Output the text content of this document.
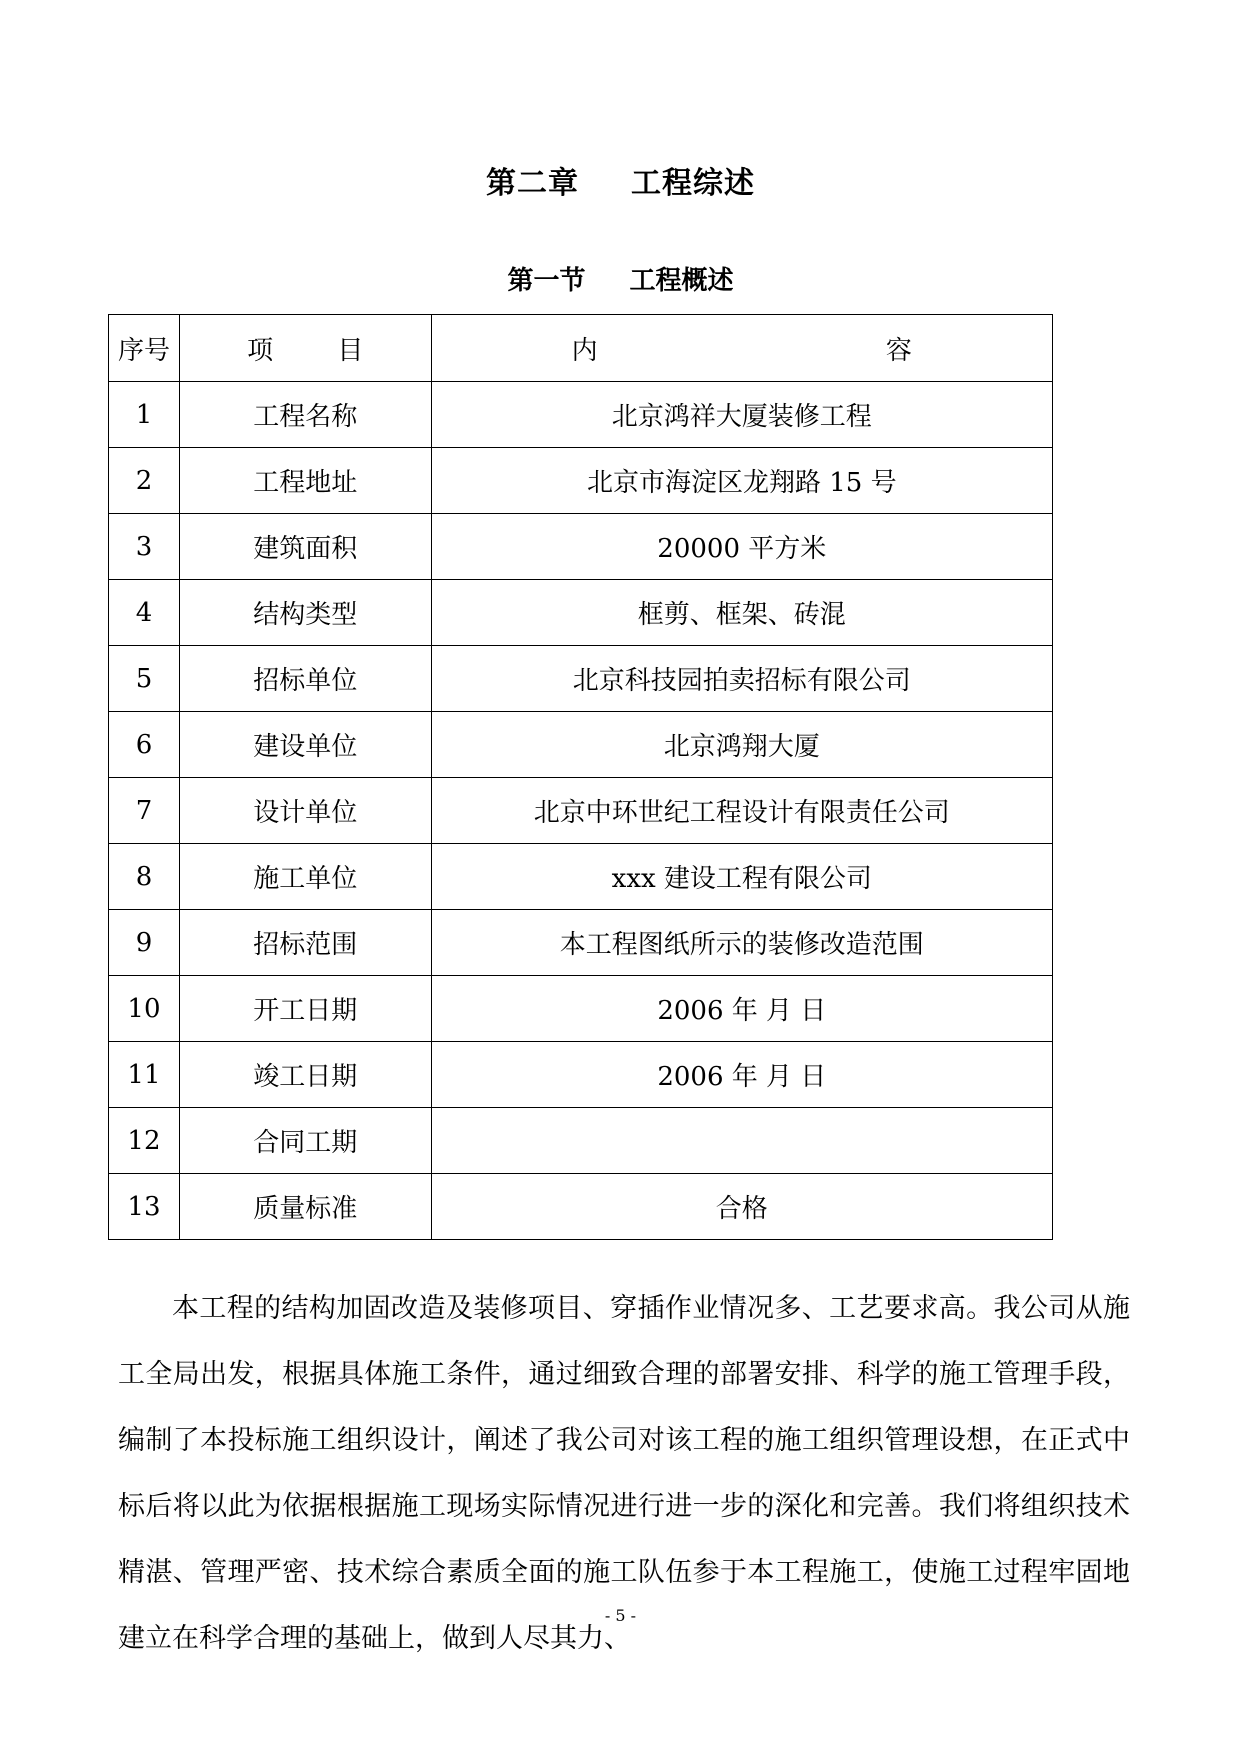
第二章 工程综述
第一节 工程概述
序号	项 目	内 容
1	工程名称	北京鸿祥大厦装修工程
2	工程地址	北京市海淀区龙翔路 15 号
3	建筑面积	20000 平方米
4	结构类型	框剪、框架、砖混
5	招标单位	北京科技园拍卖招标有限公司
6	建设单位	北京鸿翔大厦
7	设计单位	北京中环世纪工程设计有限责任公司
8	施工单位	xxx 建设工程有限公司
9	招标范围	本工程图纸所示的装修改造范围
10	开工日期	2006 年 月 日
11	竣工日期	2006 年 月 日
12	合同工期	
13	质量标准	合格

本工程的结构加固改造及装修项目、穿插作业情况多、工艺要求高。我公司从施工全局出发，根据具体施工条件，通过细致合理的部署安排、科学的施工管理手段，编制了本投标施工组织设计，阐述了我公司对该工程的施工组织管理设想，在正式中标后将以此为依据根据施工现场实际情况进行进一步的深化和完善。我们将组织技术精湛、管理严密、技术综合素质全面的施工队伍参于本工程施工，使施工过程牢固地建立在科学合理的基础上，做到人尽其力、

- 5 -
